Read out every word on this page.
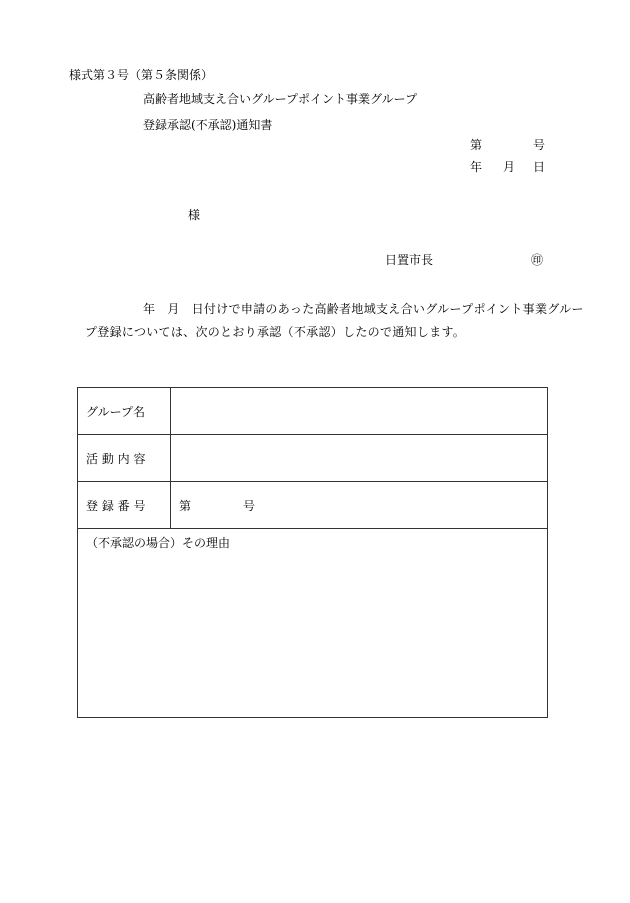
様式第３号（第５条関係）
高齢者地域支え合いグループポイント事業グループ
登録承認(不承認)通知書
第	号
年 月 日
様
日置市長	㊞
年 月 日付けで申請のあった高齢者地域支え合いグループポイント事業グループ登録については、次のとおり承認（不承認）したので通知します。
グループ名	
活 動 内 容	
登 録 番 号	第 号
（不承認の場合）その理由	
